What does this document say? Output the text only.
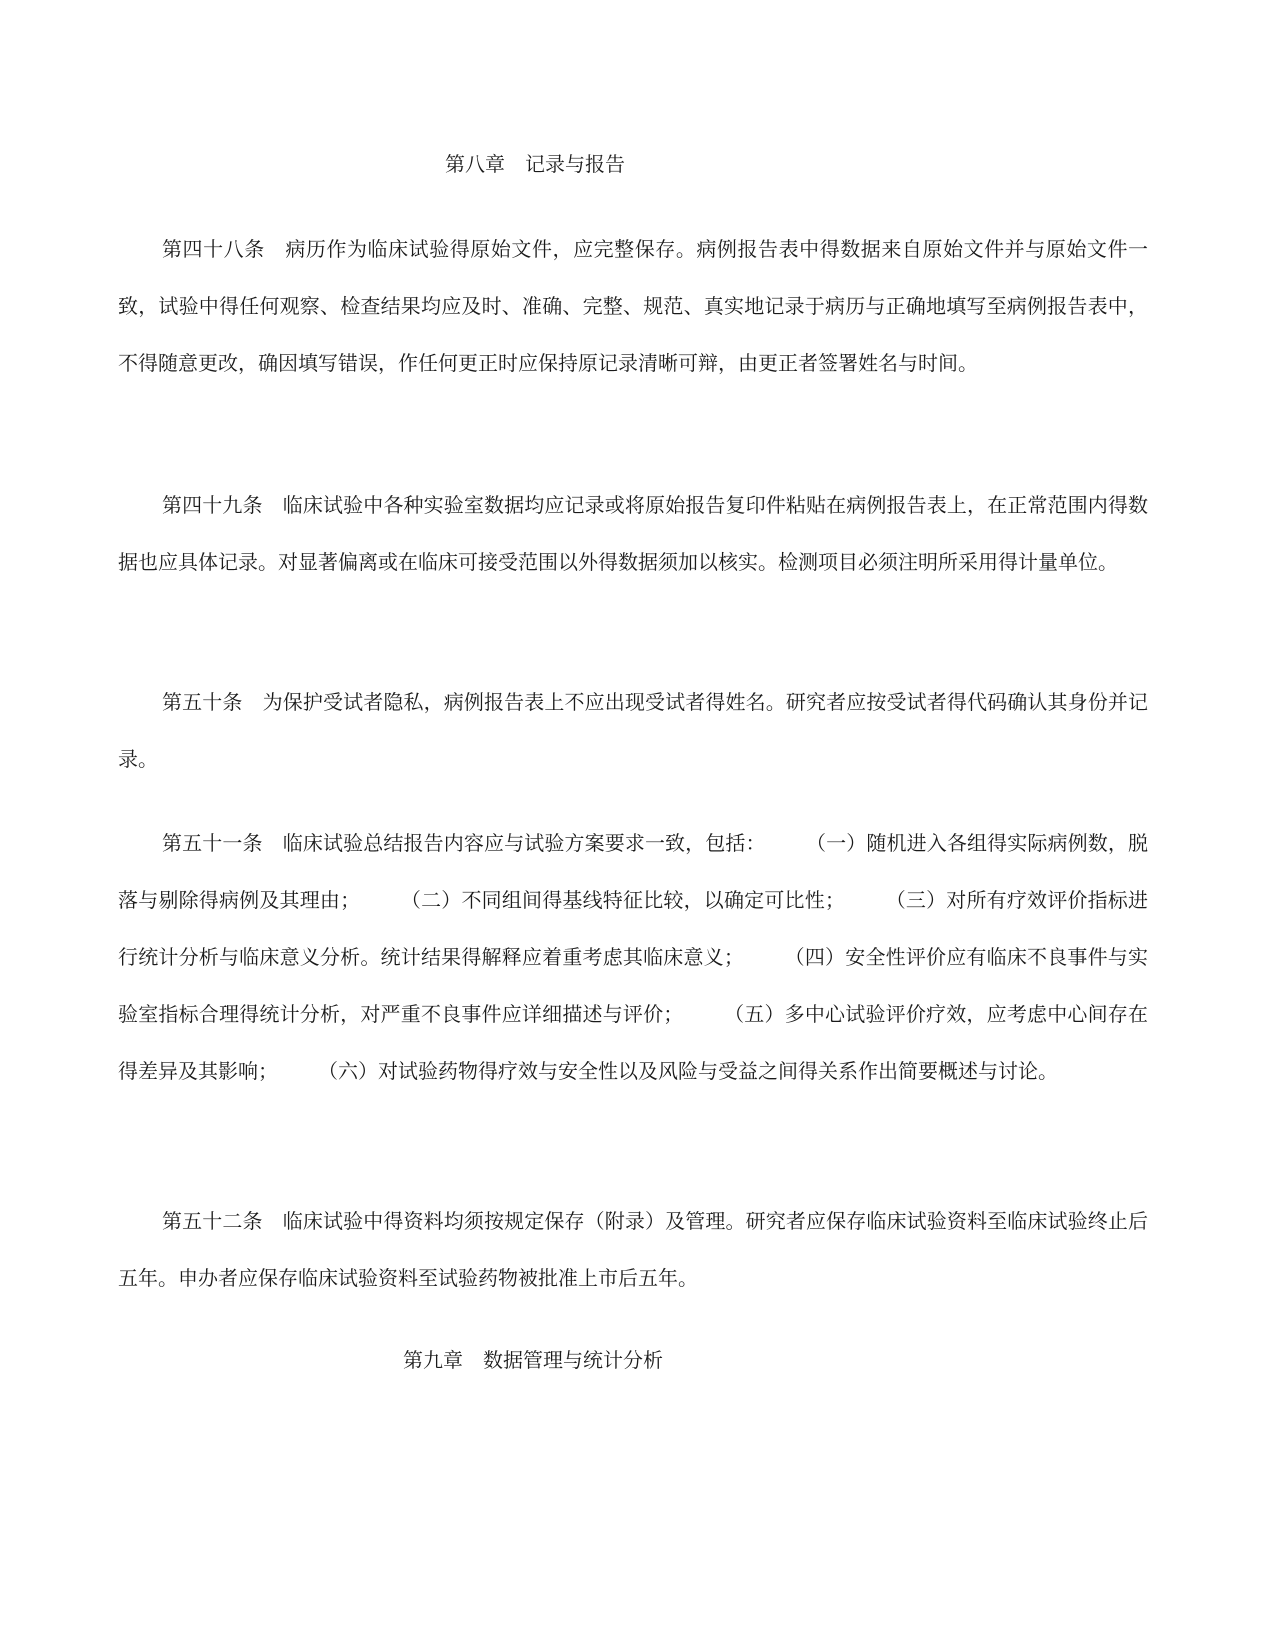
第八章　记录与报告

第四十八条　病历作为临床试验得原始文件，应完整保存。病例报告表中得数据来自原始文件并与原始文件一致，试验中得任何观察、检查结果均应及时、准确、完整、规范、真实地记录于病历与正确地填写至病例报告表中，不得随意更改，确因填写错误，作任何更正时应保持原记录清晰可辩，由更正者签署姓名与时间。

第四十九条　临床试验中各种实验室数据均应记录或将原始报告复印件粘贴在病例报告表上，在正常范围内得数据也应具体记录。对显著偏离或在临床可接受范围以外得数据须加以核实。检测项目必须注明所采用得计量单位。

第五十条　为保护受试者隐私，病例报告表上不应出现受试者得姓名。研究者应按受试者得代码确认其身份并记录。

第五十一条　临床试验总结报告内容应与试验方案要求一致，包括：　　　（一）随机进入各组得实际病例数，脱落与剔除得病例及其理由；　　　（二）不同组间得基线特征比较，以确定可比性；　　　（三）对所有疗效评价指标进行统计分析与临床意义分析。统计结果得解释应着重考虑其临床意义；　　　（四）安全性评价应有临床不良事件与实验室指标合理得统计分析，对严重不良事件应详细描述与评价；　　　（五）多中心试验评价疗效，应考虑中心间存在得差异及其影响；　　　（六）对试验药物得疗效与安全性以及风险与受益之间得关系作出简要概述与讨论。

第五十二条　临床试验中得资料均须按规定保存（附录）及管理。研究者应保存临床试验资料至临床试验终止后五年。申办者应保存临床试验资料至试验药物被批准上市后五年。

第九章　数据管理与统计分析
